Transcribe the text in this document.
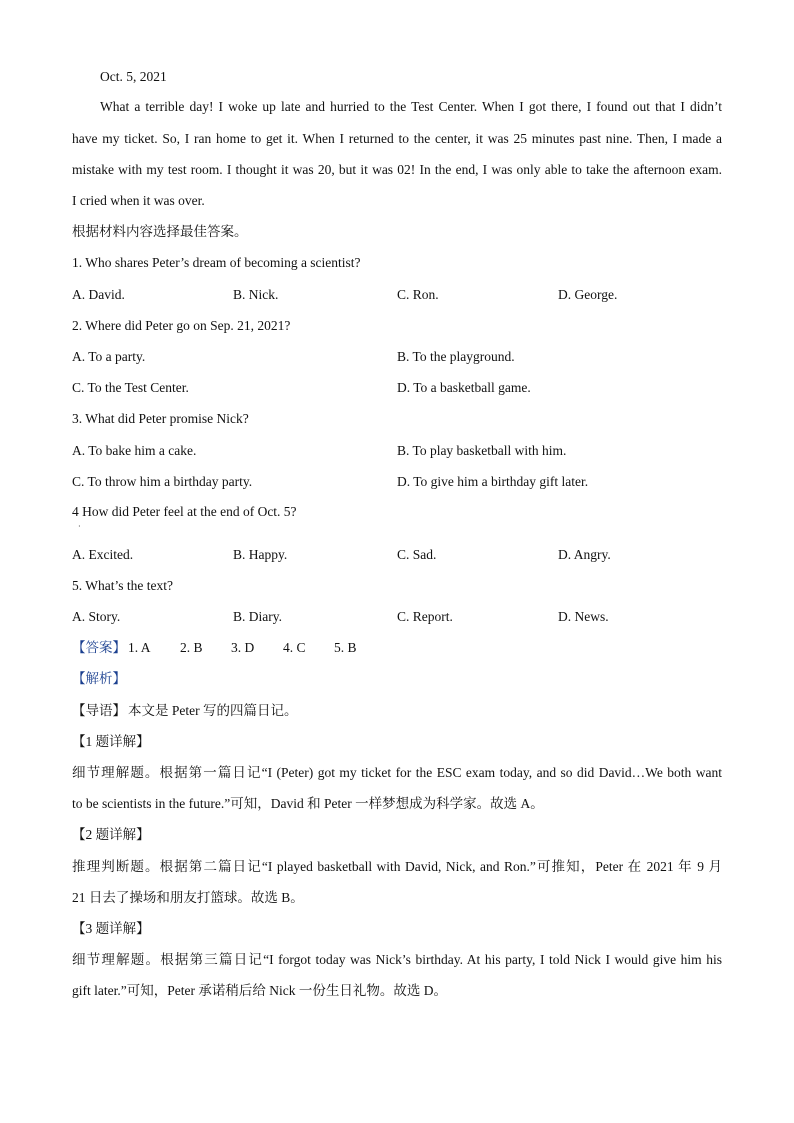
Oct. 5, 2021
What a terrible day! I woke up late and hurried to the Test Center. When I got there, I found out that I didn’t
have my ticket. So, I ran home to get it. When I returned to the center, it was 25 minutes past nine. Then, I made a
mistake with my test room. I thought it was 20, but it was 02! In the end, I was only able to take the afternoon exam.
I cried when it was over.
根据材料内容选择最佳答案。
1. Who shares Peter’s dream of becoming a scientist?
A. David.	B. Nick.	C. Ron.	D. George.
2. Where did Peter go on Sep. 21, 2021?
A. To a party.	B. To the playground.
C. To the Test Center.	D. To a basketball game.
3. What did Peter promise Nick?
A. To bake him a cake.	B. To play basketball with him.
C. To throw him a birthday party.	D. To give him a birthday gift later.
4 How did Peter feel at the end of Oct. 5?
·
A. Excited.	B. Happy.	C. Sad.	D. Angry.
5. What’s the text?
A. Story.	B. Diary.	C. Report.	D. News.
【答案】 1. A 2. B 3. D 4. C 5. B
【解析】
【导语】 本文是 Peter 写的四篇日记。
【1 题详解】
细节理解题。根据第一篇日记“I (Peter) got my ticket for the ESC exam today, and so did David…We both want
to be scientists in the future.”可知，David 和 Peter 一样梦想成为科学家。故选 A。
【2 题详解】
推理判断题。根据第二篇日记“I played basketball with David, Nick, and Ron.”可推知，Peter 在 2021 年 9 月
21 日去了操场和朋友打篮球。故选 B。
【3 题详解】
细节理解题。根据第三篇日记“I forgot today was Nick’s birthday. At his party, I told Nick I would give him his
gift later.”可知，Peter 承诺稍后给 Nick 一份生日礼物。故选 D。
